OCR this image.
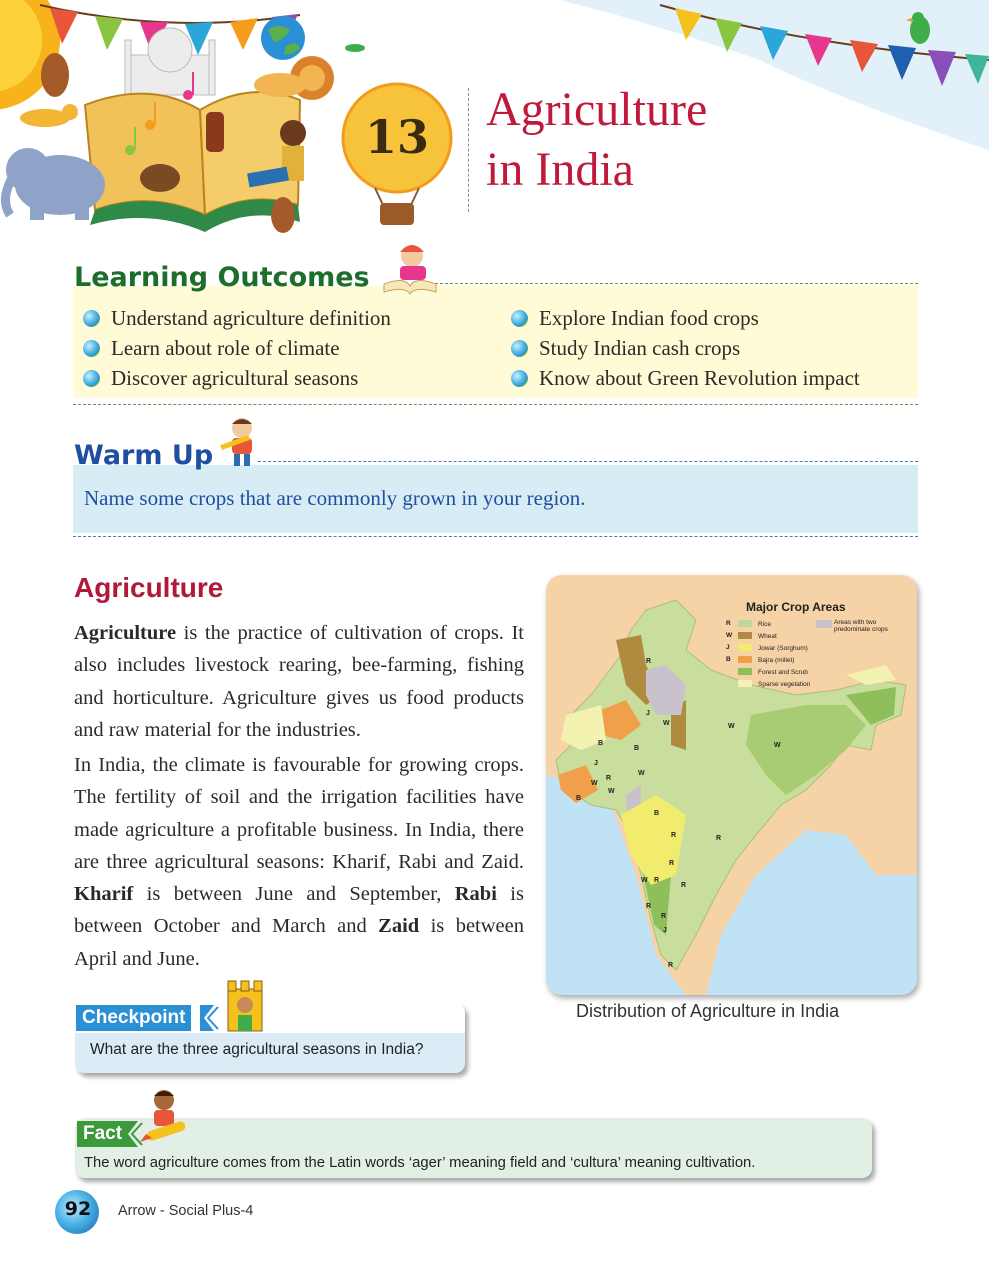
13
Agriculture
in India
Understand agriculture definition
Learn about role of climate
Discover agricultural seasons
Explore Indian food crops
Study Indian cash crops
Know about Green Revolution impact
Learning Outcomes
Warm Up
Name some crops that are commonly grown in your region.
Agriculture
Agriculture is the practice of cultivation of crops. It also includes livestock rearing, bee-farming, fishing and horticulture. Agriculture gives us food products and raw material for the industries.
In India, the climate is favourable for growing crops. The fertility of soil and the irrigation facilities have made agriculture a profitable business. In India, there are three agricultural seasons: Kharif, Rabi and Zaid. Kharif is between June and September, Rabi is between October and March and Zaid is between April and June.
R
R
W
J
W
B
B
W
W
W
J
B
W
B
R	R
R
W R
R
R
R
J
R
Major Crop Areas
R	Rice
W	Wheat
J	Jowar (Sorghum)
B	Bajra (millet)
Forest and Scrub
Sparse vegetation
Areas with two predominate crops
Distribution of Agriculture in India
Checkpoint
What are the three agricultural seasons in India?
Fact
The word agriculture comes from the Latin words ‘ager’ meaning field and ‘cultura’ meaning cultivation.
92	Arrow - Social Plus-4
